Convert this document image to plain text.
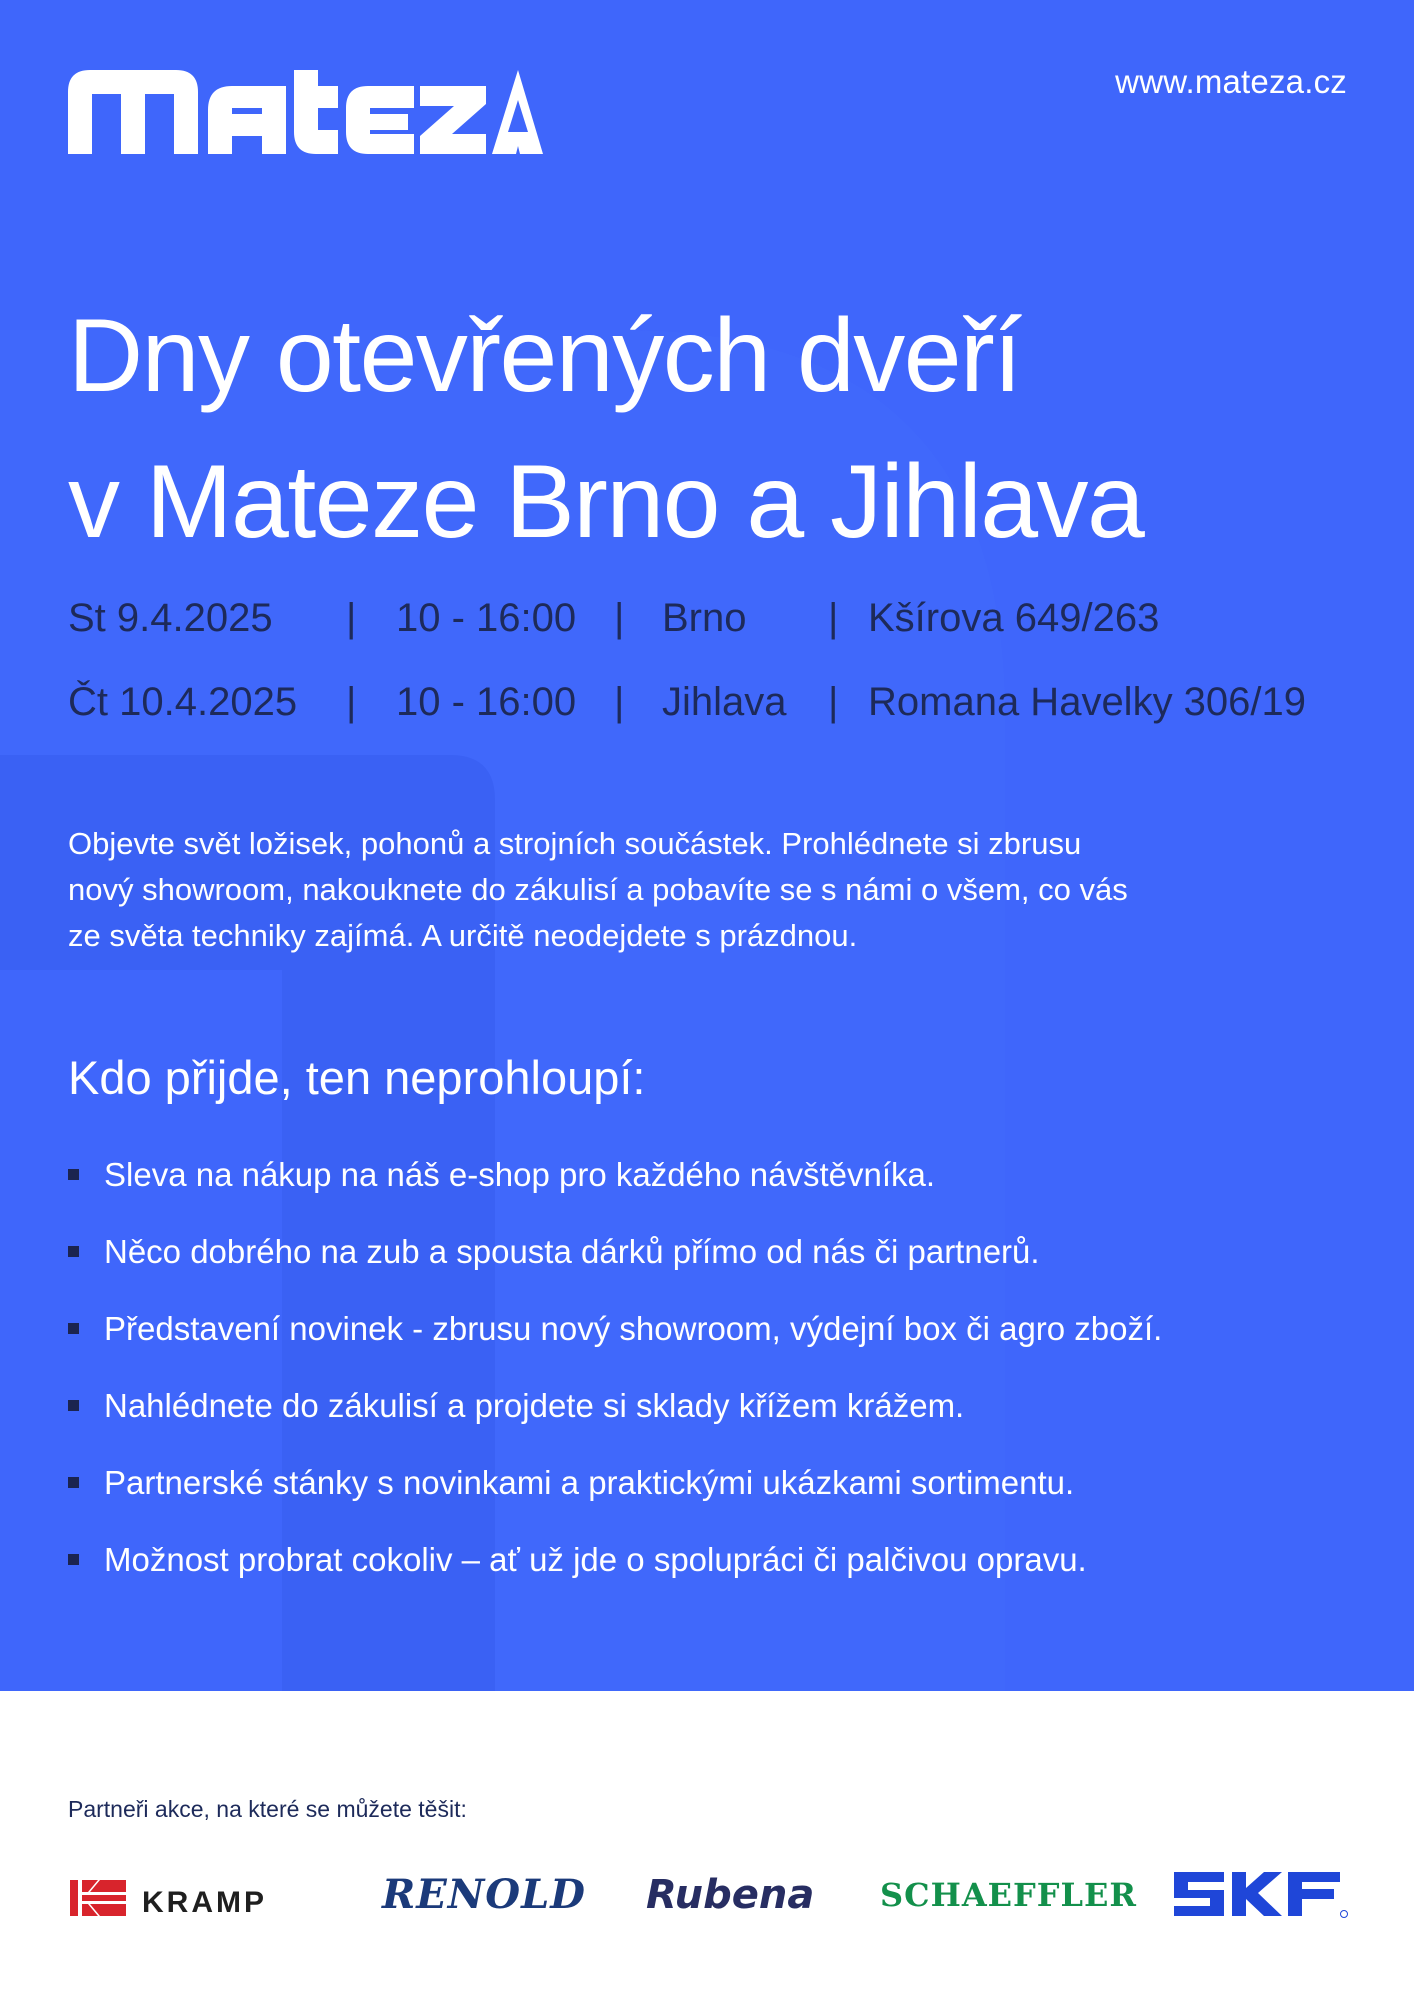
www.mateza.cz
Dny otevřených dveří
v Mateze Brno a Jihlava
St 9.4.2025 | 10 - 16:00 | Brno | Kšírova 649/263
Čt 10.4.2025 | 10 - 16:00 | Jihlava | Romana Havelky 306/19
Objevte svět ložisek, pohonů a strojních součástek. Prohlédnete si zbrusu
nový showroom, nakouknete do zákulisí a pobavíte se s námi o všem, co vás
ze světa techniky zajímá. A určitě neodejdete s prázdnou.
Kdo přijde, ten neprohloupí:
Sleva na nákup na náš e-shop pro každého návštěvníka.
Něco dobrého na zub a spousta dárků přímo od nás či partnerů.
Představení novinek - zbrusu nový showroom, výdejní box či agro zboží.
Nahlédnete do zákulisí a projdete si sklady křížem krážem.
Partnerské stánky s novinkami a praktickými ukázkami sortimentu.
Možnost probrat cokoliv – ať už jde o spolupráci či palčivou opravu.
Partneři akce, na které se můžete těšit:
KRAMP	RENOLD Rubena SCHAEFFLER
